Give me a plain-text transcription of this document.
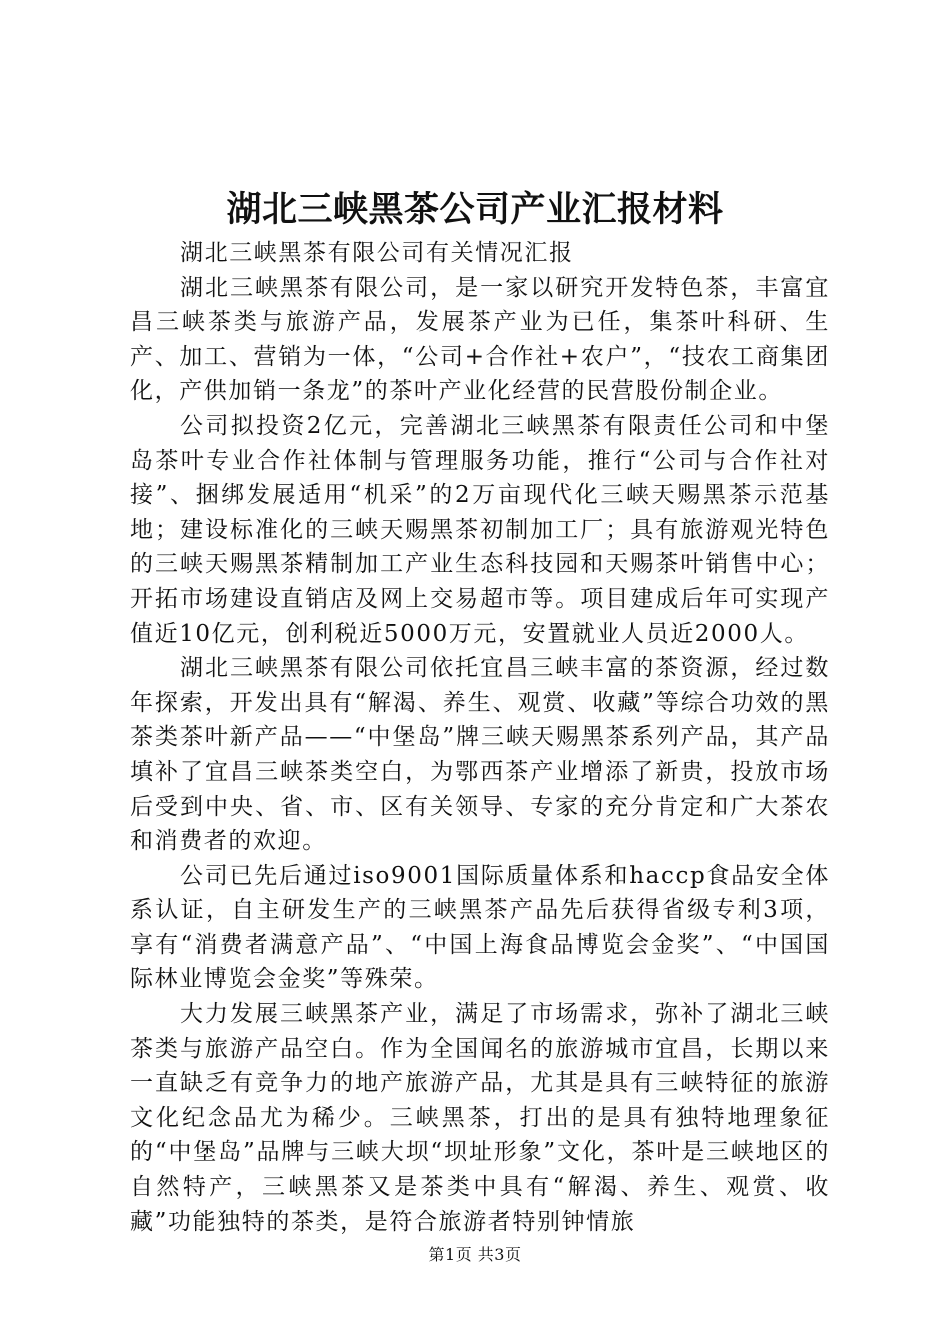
湖北三峡黑茶公司产业汇报材料

湖北三峡黑茶有限公司有关情况汇报

湖北三峡黑茶有限公司，是一家以研究开发特色茶，丰富宜昌三峡茶类与旅游产品，发展茶产业为已任，集茶叶科研、生产、加工、营销为一体，“公司+合作社+农户”，“技农工商集团化，产供加销一条龙”的茶叶产业化经营的民营股份制企业。

公司拟投资2亿元，完善湖北三峡黑茶有限责任公司和中堡岛茶叶专业合作社体制与管理服务功能，推行“公司与合作社对接”、捆绑发展适用“机采”的2万亩现代化三峡天赐黑茶示范基地；建设标准化的三峡天赐黑茶初制加工厂；具有旅游观光特色的三峡天赐黑茶精制加工产业生态科技园和天赐茶叶销售中心；开拓市场建设直销店及网上交易超市等。项目建成后年可实现产值近10亿元，创利税近5000万元，安置就业人员近2000人。

湖北三峡黑茶有限公司依托宜昌三峡丰富的茶资源，经过数年探索，开发出具有“解渴、养生、观赏、收藏”等综合功效的黑茶类茶叶新产品——“中堡岛”牌三峡天赐黑茶系列产品，其产品填补了宜昌三峡茶类空白，为鄂西茶产业增添了新贵，投放市场后受到中央、省、市、区有关领导、专家的充分肯定和广大茶农和消费者的欢迎。

公司已先后通过iso9001国际质量体系和haccp食品安全体系认证，自主研发生产的三峡黑茶产品先后获得省级专利3项，享有“消费者满意产品”、“中国上海食品博览会金奖”、“中国国际林业博览会金奖”等殊荣。

大力发展三峡黑茶产业，满足了市场需求，弥补了湖北三峡茶类与旅游产品空白。作为全国闻名的旅游城市宜昌，长期以来一直缺乏有竞争力的地产旅游产品，尤其是具有三峡特征的旅游文化纪念品尤为稀少。三峡黑茶，打出的是具有独特地理象征的“中堡岛”品牌与三峡大坝“坝址形象”文化，茶叶是三峡地区的自然特产，三峡黑茶又是茶类中具有“解渴、养生、观赏、收藏”功能独特的茶类，是符合旅游者特别钟情旅

第1页 共3页
